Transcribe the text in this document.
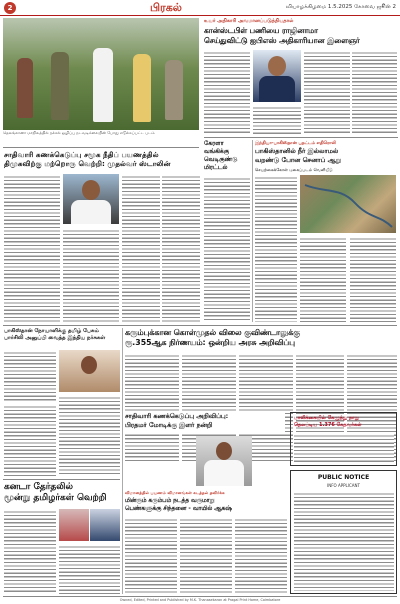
2	பிரகல்	வியாழக்கிழமை 1.5.2025 கோவை ஜூன் 2
தெலங்கானா மாநிலத்தில் நக்சல் ஒழிப்பு நடவடிக்கையின் போது எடுக்கப்பட்ட படம்
சாதிவாரி கணக்கெடுப்பு சமூக நீதிப் பயணத்தில்
திமுகவிற்கு மற்றொரு வெற்றி: முதல்வர் ஸ்டாலின்
உயர் அதிகாரி அவமானப்படுத்தியதால்
கான்ஸ்டபிள் பணியை ராஜினாமா
செய்துவிட்டு ஐபிஎஸ் அதிகாரியான இளைஞர்
கேரளா
வங்கிக்கு
வெடிகுண்டு
மிரட்டல்
இந்தியா-பாகிஸ்தான் பதட்டம் எதிரொலி
பாகிஸ்தானில் நீர் இல்லாமல்
வறண்டு போன செனாப் ஆறு
செயற்கைக்கோள் புகைப்படம் வெளியீடு
பாகிஸ்தான் நோயாளிக்கு தமிழ் பேசும்
பார்சிலி அனுப்பி வைத்த இந்திய நர்சுகள்
கனடா தேர்தலில்
மூன்று தமிழர்கள் வெற்றி
கரும்புக்கான கொள்முதல் விலை குவிண்டாலுக்கு
ரூ.355ஆக நிர்ணயம்: ஒன்றிய அரசு அறிவிப்பு
சாதிவாரி கணக்கெடுப்பு அறிவிப்பு:
பிரதமர் மோடிக்கு இளர் நன்றி
பாலிக்கையில் கேழுந்து நாறு
தெலப்டிய 1.376 கேதவர்கள்
விமானத்தில் பயணம் விமானங்கள் கடத்தல் தவிர்க்க
மின்ரும் கரும்பம் நடத்த வருமாறு
பெண்களுக்கு சிந்தனை - வாயில் ஆகஷ்
PUBLIC NOTICE
INFO APPLICANT
Owned, Edited, Printed and Published by M.K. Thanasekaran at Pragal Print Home, Coimbatore
